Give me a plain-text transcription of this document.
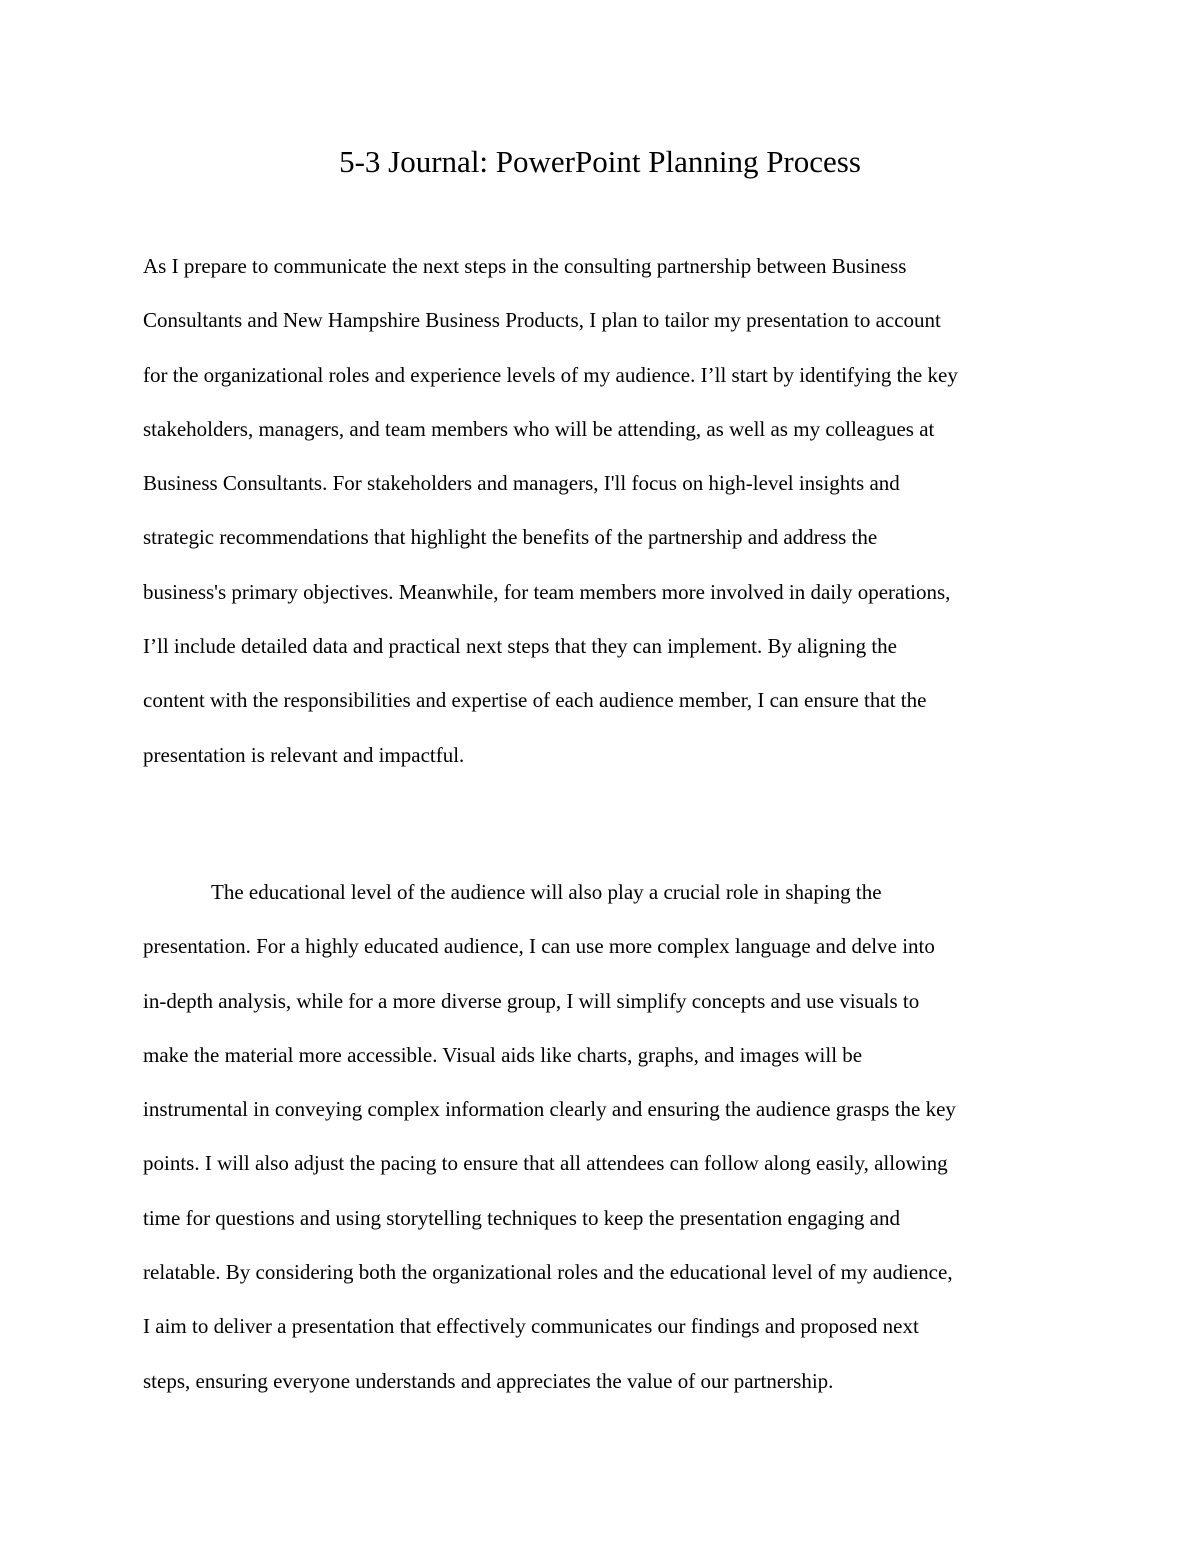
5-3 Journal: PowerPoint Planning Process

As I prepare to communicate the next steps in the consulting partnership between Business
Consultants and New Hampshire Business Products, I plan to tailor my presentation to account
for the organizational roles and experience levels of my audience. I’ll start by identifying the key
stakeholders, managers, and team members who will be attending, as well as my colleagues at
Business Consultants. For stakeholders and managers, I'll focus on high-level insights and
strategic recommendations that highlight the benefits of the partnership and address the
business's primary objectives. Meanwhile, for team members more involved in daily operations,
I’ll include detailed data and practical next steps that they can implement. By aligning the
content with the responsibilities and expertise of each audience member, I can ensure that the
presentation is relevant and impactful.

The educational level of the audience will also play a crucial role in shaping the
presentation. For a highly educated audience, I can use more complex language and delve into
in-depth analysis, while for a more diverse group, I will simplify concepts and use visuals to
make the material more accessible. Visual aids like charts, graphs, and images will be
instrumental in conveying complex information clearly and ensuring the audience grasps the key
points. I will also adjust the pacing to ensure that all attendees can follow along easily, allowing
time for questions and using storytelling techniques to keep the presentation engaging and
relatable. By considering both the organizational roles and the educational level of my audience,
I aim to deliver a presentation that effectively communicates our findings and proposed next
steps, ensuring everyone understands and appreciates the value of our partnership.
